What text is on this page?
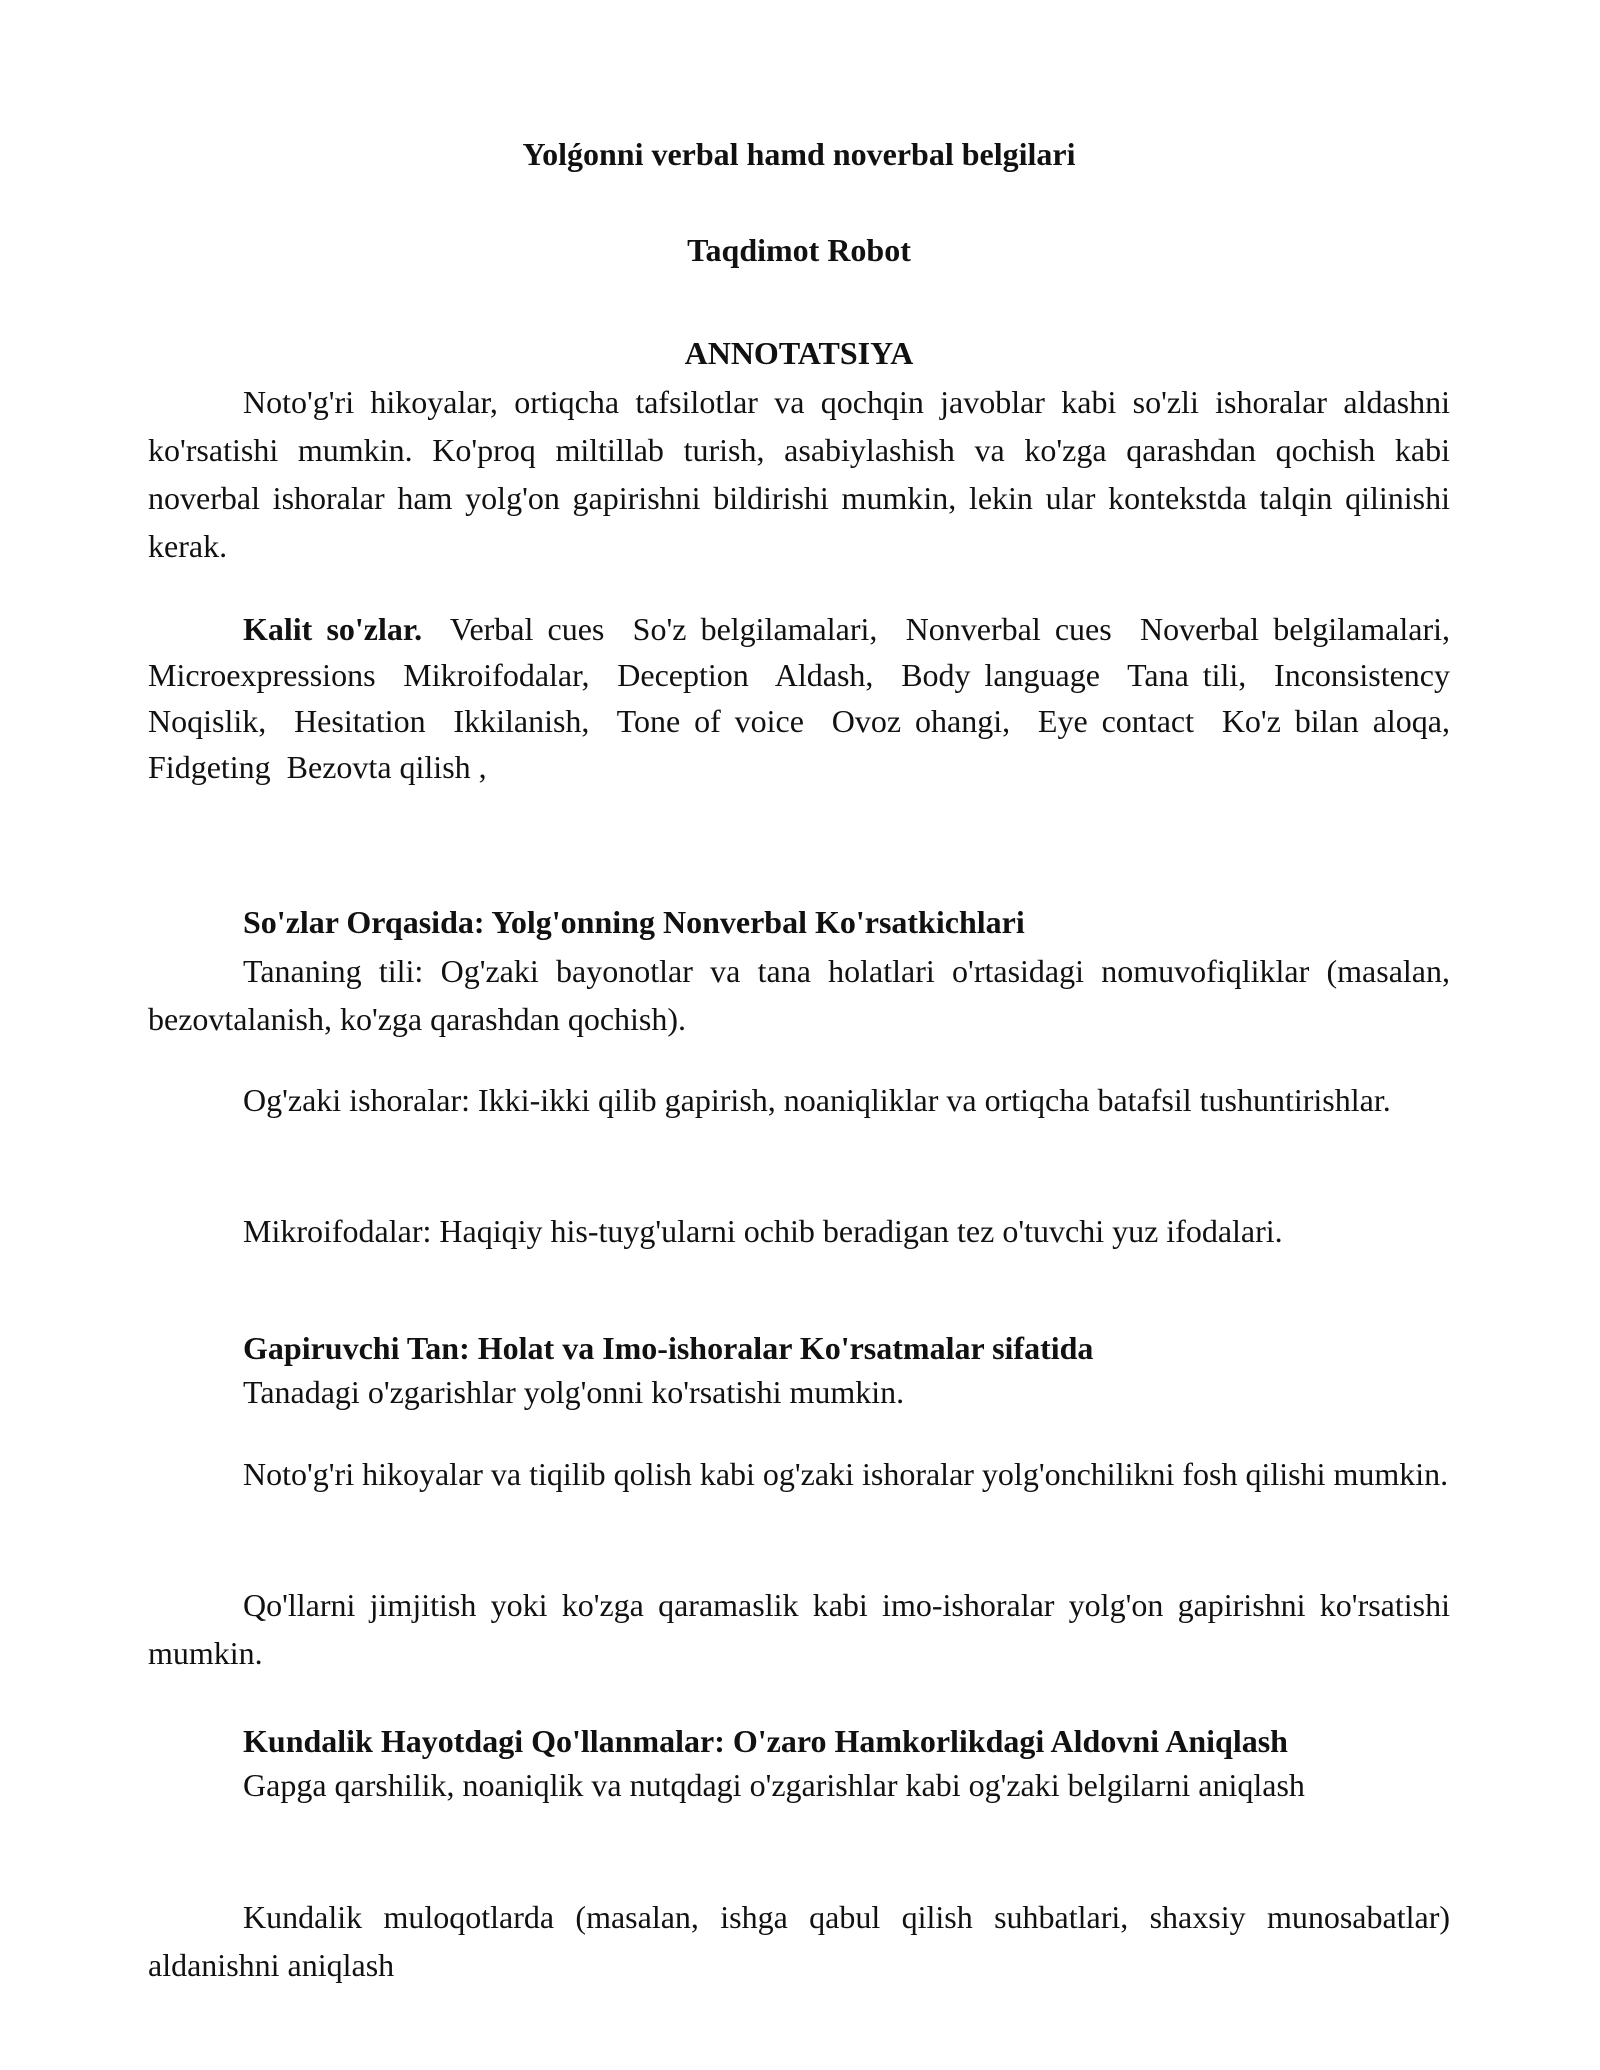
Yolǵonni verbal hamd noverbal belgilari

Taqdimot Robot

ANNOTATSIYA

Noto'g'ri hikoyalar, ortiqcha tafsilotlar va qochqin javoblar kabi so'zli ishoralar aldashni ko'rsatishi mumkin. Ko'proq miltillab turish, asabiylashish va ko'zga qarashdan qochish kabi noverbal ishoralar ham yolg'on gapirishni bildirishi mumkin, lekin ular kontekstda talqin qilinishi kerak.

Kalit so'zlar. Verbal cues  So'z belgilamalari,  Nonverbal cues  Noverbal belgilamalari,  Microexpressions  Mikroifodalar,  Deception  Aldash,  Body language  Tana tili,  Inconsistency  Noqislik,  Hesitation  Ikkilanish,  Tone of voice  Ovoz ohangi,  Eye contact  Ko'z bilan aloqa,  Fidgeting  Bezovta qilish ,

So'zlar Orqasida: Yolg'onning Nonverbal Ko'rsatkichlari

Tananing tili: Og'zaki bayonotlar va tana holatlari o'rtasidagi nomuvofiqliklar (masalan, bezovtalanish, ko'zga qarashdan qochish).

Og'zaki ishoralar: Ikki-ikki qilib gapirish, noaniqliklar va ortiqcha batafsil tushuntirishlar.

Mikroifodalar: Haqiqiy his-tuyg'ularni ochib beradigan tez o'tuvchi yuz ifodalari.

Gapiruvchi Tan: Holat va Imo-ishoralar Ko'rsatmalar sifatida

Tanadagi o'zgarishlar yolg'onni ko'rsatishi mumkin.

Noto'g'ri hikoyalar va tiqilib qolish kabi og'zaki ishoralar yolg'onchilikni fosh qilishi mumkin.

Qo'llarni jimjitish yoki ko'zga qaramaslik kabi imo-ishoralar yolg'on gapirishni ko'rsatishi mumkin.

Kundalik Hayotdagi Qo'llanmalar: O'zaro Hamkorlikdagi Aldovni Aniqlash

Gapga qarshilik, noaniqlik va nutqdagi o'zgarishlar kabi og'zaki belgilarni aniqlash

Kundalik muloqotlarda (masalan, ishga qabul qilish suhbatlari, shaxsiy munosabatlar) aldanishni aniqlash
